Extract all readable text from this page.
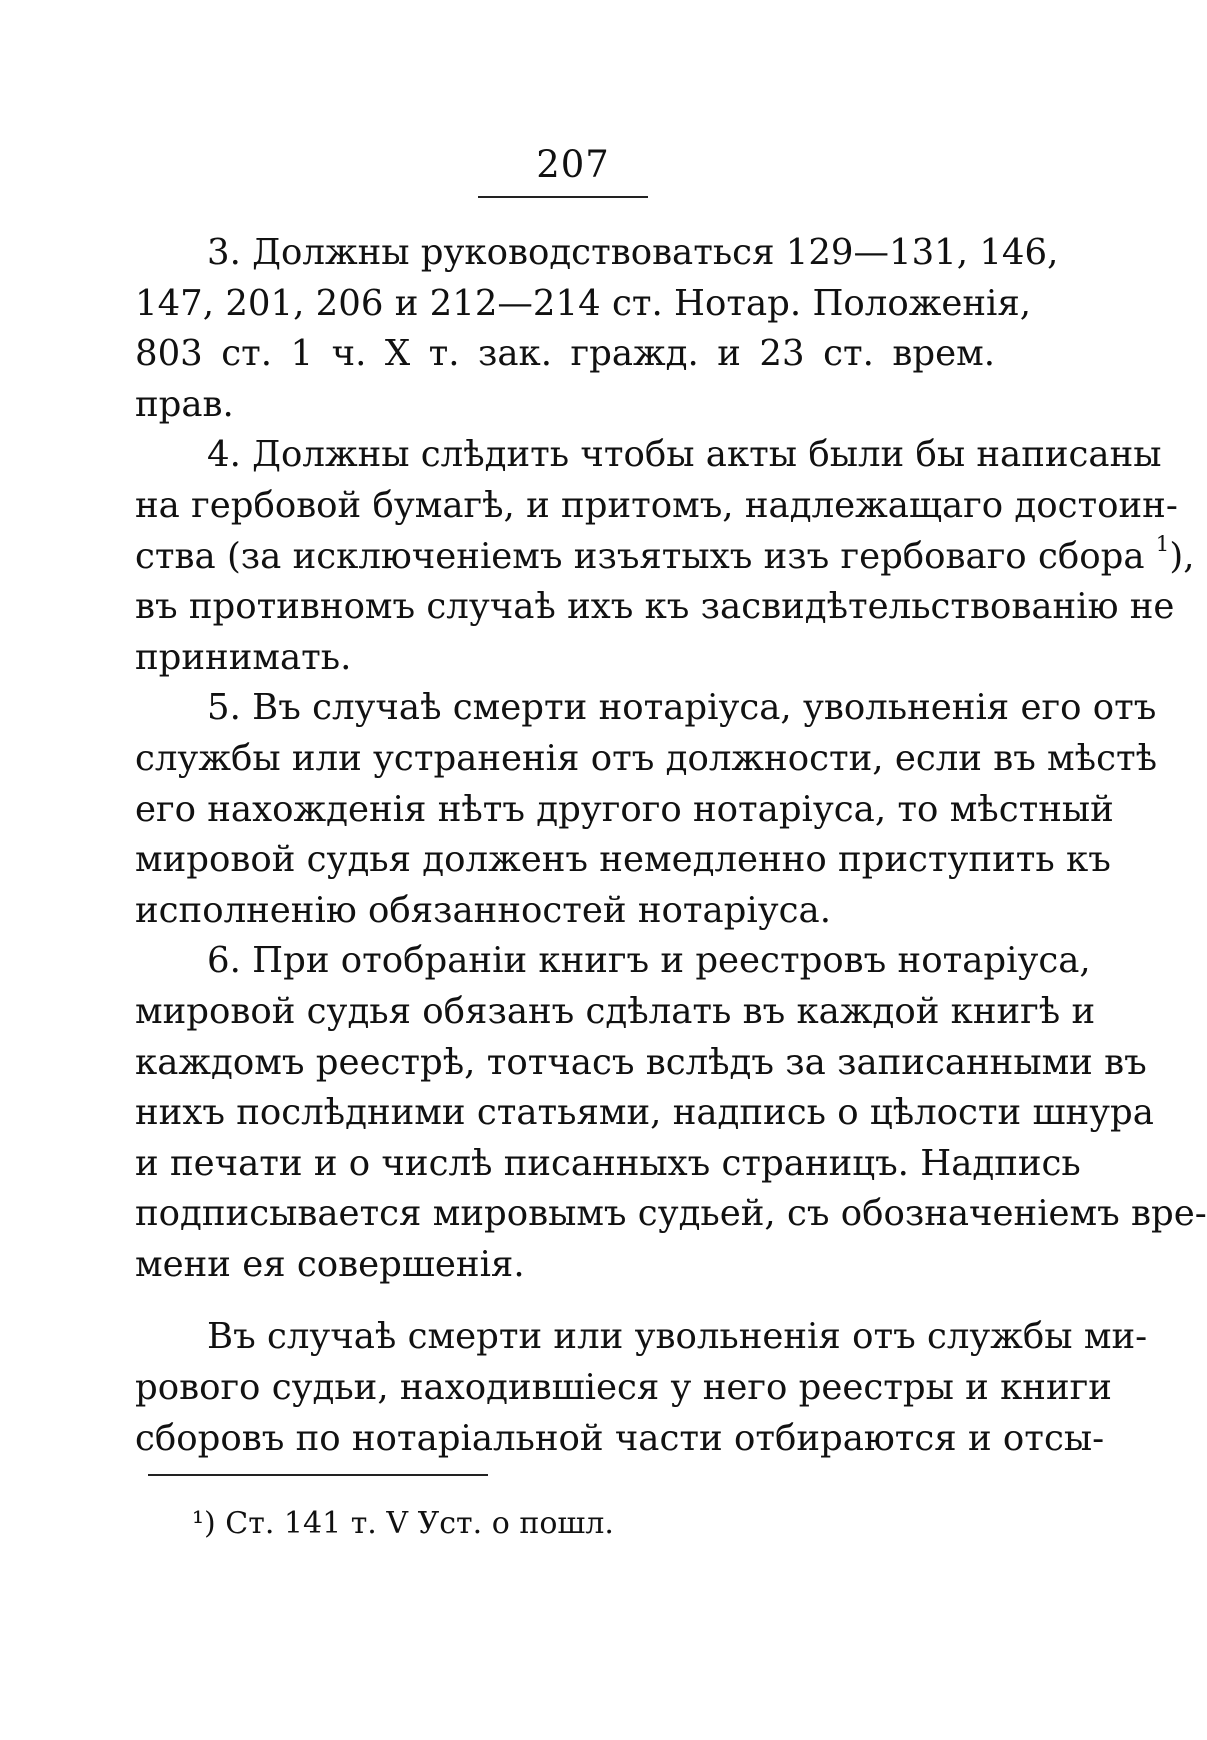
207
3. Должны руководствоваться 129—131, 146,
147, 201, 206 и 212—214 ст. Нотар. Положенія,
803 ст. 1 ч. X т. зак. гражд. и 23 ст. врем.
прав.
4. Должны слѣдить чтобы акты были бы написаны
на гербовой бумагѣ, и притомъ, надлежащаго достоин-
ства (за исключеніемъ изъятыхъ изъ гербоваго сбора $^1$),
въ противномъ случаѣ ихъ къ засвидѣтельствованію не
принимать.
5. Въ случаѣ смерти нотаріуса, увольненія его отъ
службы или устраненія отъ должности, если въ мѣстѣ
его нахожденія нѣтъ другого нотаріуса, то мѣстный
мировой судья долженъ немедленно приступить къ
исполненію обязанностей нотаріуса.
6. При отобраніи книгъ и реестровъ нотаріуса,
мировой судья обязанъ сдѣлать въ каждой книгѣ и
каждомъ реестрѣ, тотчасъ вслѣдъ за записанными въ
нихъ послѣдними статьями, надпись о цѣлости шнура
и печати и о числѣ писанныхъ страницъ. Надпись
подписывается мировымъ судьей, съ обозначеніемъ вре-
мени ея совершенія.
Въ случаѣ смерти или увольненія отъ службы ми-
рового судьи, находившіеся у него реестры и книги
сборовъ по нотаріальной части отбираются и отсы-
¹) Ст. 141 т. V Уст. о пошл.
